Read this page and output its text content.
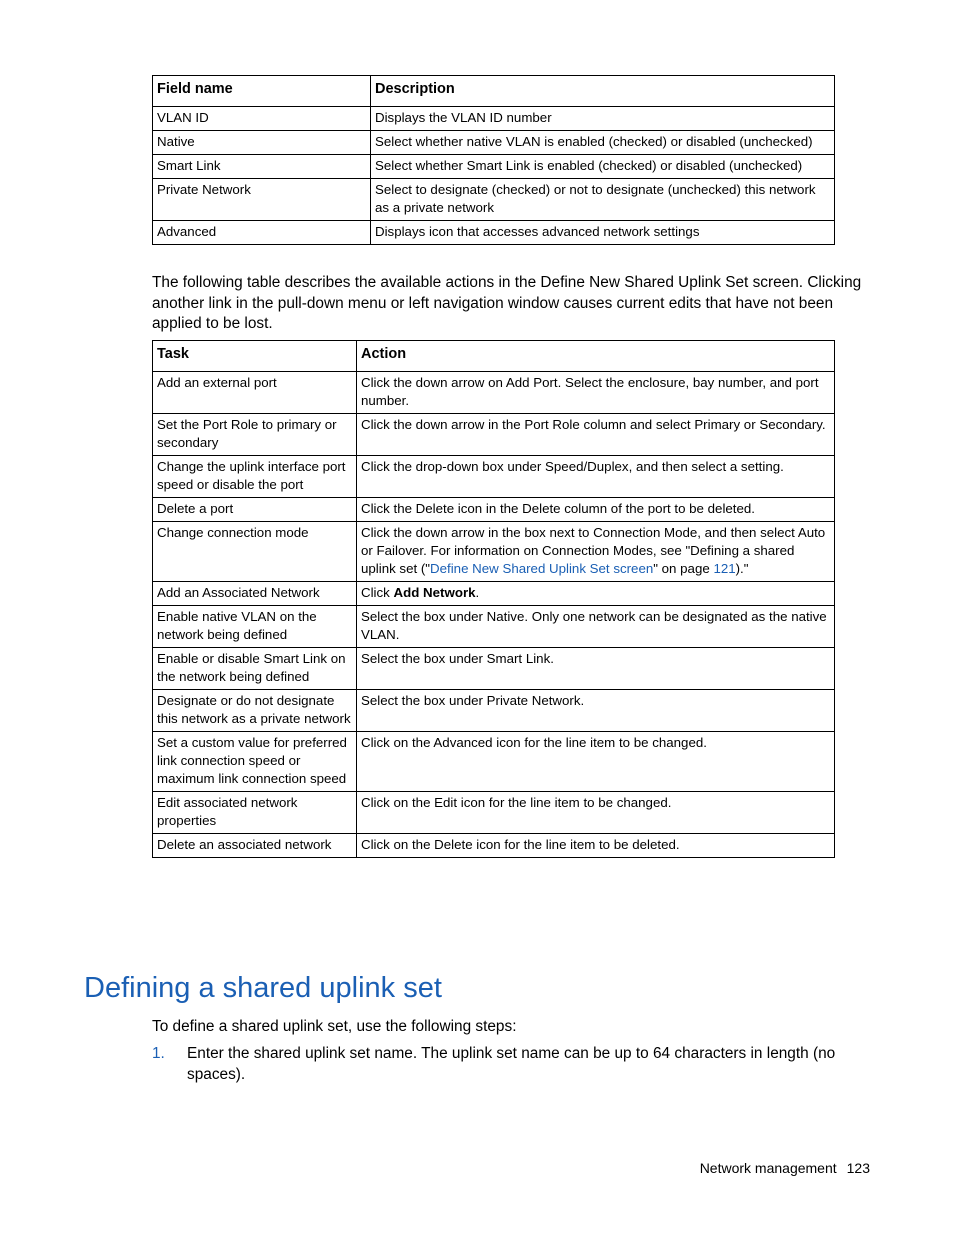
Field name	Description
VLAN ID	Displays the VLAN ID number
Native	Select whether native VLAN is enabled (checked) or disabled (unchecked)
Smart Link	Select whether Smart Link is enabled (checked) or disabled (unchecked)
Private Network	Select to designate (checked) or not to designate (unchecked) this network as a private network
Advanced	Displays icon that accesses advanced network settings
The following table describes the available actions in the Define New Shared Uplink Set screen. Clicking another link in the pull-down menu or left navigation window causes current edits that have not been applied to be lost.
Task	Action
Add an external port	Click the down arrow on Add Port. Select the enclosure, bay number, and port number.
Set the Port Role to primary or secondary	Click the down arrow in the Port Role column and select Primary or Secondary.
Change the uplink interface port speed or disable the port	Click the drop-down box under Speed/Duplex, and then select a setting.
Delete a port	Click the Delete icon in the Delete column of the port to be deleted.
Change connection mode	Click the down arrow in the box next to Connection Mode, and then select Auto or Failover. For information on Connection Modes, see "Defining a shared uplink set ("Define New Shared Uplink Set screen" on page 121)."
Add an Associated Network	Click Add Network.
Enable native VLAN on the network being defined	Select the box under Native. Only one network can be designated as the native VLAN.
Enable or disable Smart Link on the network being defined	Select the box under Smart Link.
Designate or do not designate this network as a private network	Select the box under Private Network.
Set a custom value for preferred link connection speed or maximum link connection speed	Click on the Advanced icon for the line item to be changed.
Edit associated network properties	Click on the Edit icon for the line item to be changed.
Delete an associated network	Click on the Delete icon for the line item to be deleted.
Defining a shared uplink set
To define a shared uplink set, use the following steps:
1. Enter the shared uplink set name. The uplink set name can be up to 64 characters in length (no spaces).
Network management 123
